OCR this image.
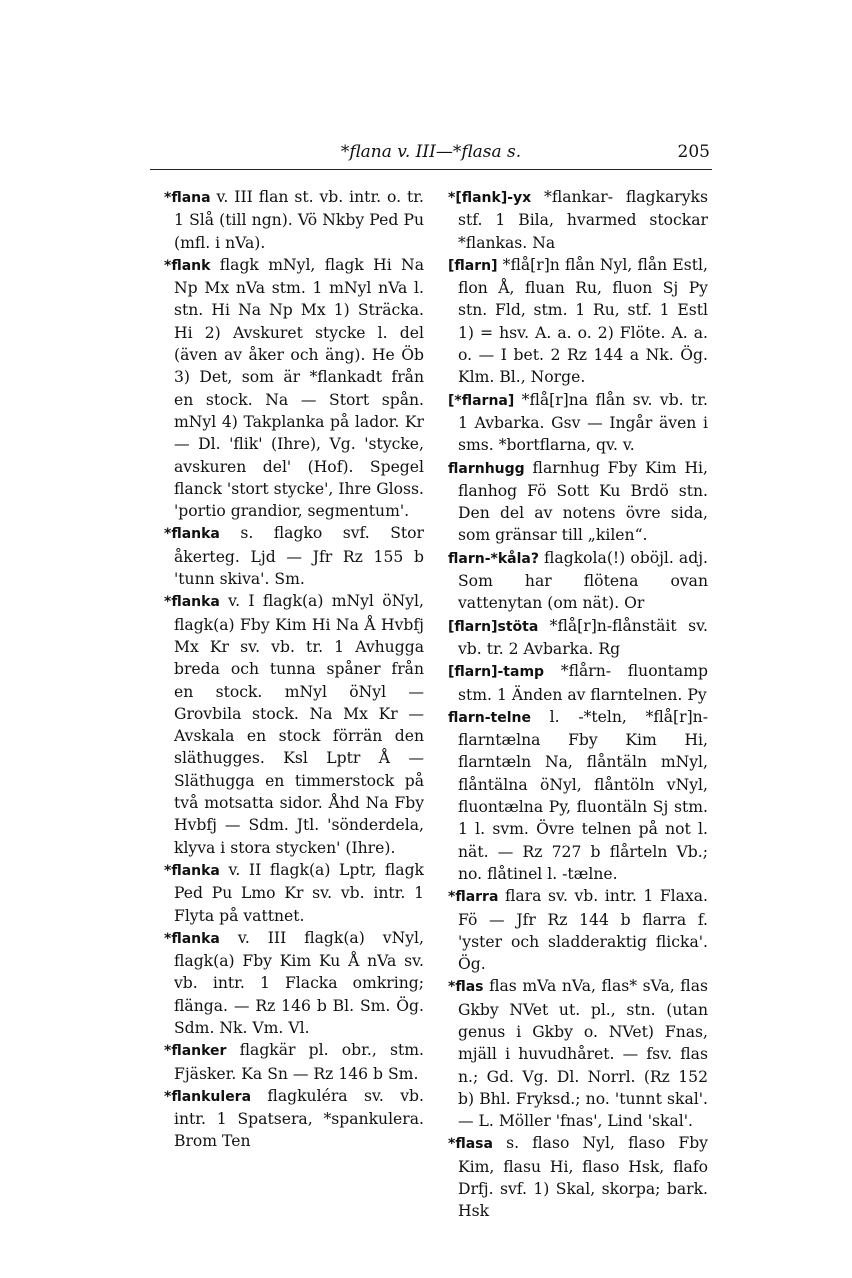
*flana v. III—*flasa s.	205

*flana v. III flan st. vb. intr. o. tr. 1 Slå (till ngn). Vö Nkby Ped Pu (mfl. i nVa).

*flank flagk mNyl, flagk Hi Na Np Mx nVa stm. 1 mNyl nVa l. stn. Hi Na Np Mx 1) Sträcka. Hi 2) Avskuret stycke l. del (även av åker och äng). He Öb 3) Det, som är *flankadt från en stock. Na — Stort spån. mNyl 4) Takplanka på lador. Kr — Dl. 'flik' (Ihre), Vg. 'stycke, avskuren del' (Hof). Spegel flanck 'stort stycke', Ihre Gloss. 'portio grandior, segmentum'.

*flanka s. flagko svf. Stor åkerteg. Ljd — Jfr Rz 155 b 'tunn skiva'. Sm.

*flanka v. I flagk(a) mNyl öNyl, flagk(a) Fby Kim Hi Na Å Hvbfj Mx Kr sv. vb. tr. 1 Avhugga breda och tunna spåner från en stock. mNyl öNyl — Grovbila stock. Na Mx Kr — Avskala en stock förrän den släthugges. Ksl Lptr Å — Släthugga en timmerstock på två motsatta sidor. Åhd Na Fby Hvbfj — Sdm. Jtl. 'sönderdela, klyva i stora stycken' (Ihre).

*flanka v. II flagk(a) Lptr, flagk Ped Pu Lmo Kr sv. vb. intr. 1 Flyta på vattnet.

*flanka v. III flagk(a) vNyl, flagk(a) Fby Kim Ku Å nVa sv. vb. intr. 1 Flacka omkring; flänga. — Rz 146 b Bl. Sm. Ög. Sdm. Nk. Vm. Vl.

*flanker flagkär pl. obr., stm. Fjäsker. Ka Sn — Rz 146 b Sm.

*flankulera flagkuléra sv. vb. intr. 1 Spatsera, *spankulera. Brom Ten

*[flank]-yx *flankar- flagkaryks stf. 1 Bila, hvarmed stockar *flankas. Na

[flarn] *flå[r]n flån Nyl, flån Estl, flon Å, fluan Ru, fluon Sj Py stn. Fld, stm. 1 Ru, stf. 1 Estl 1) = hsv. A. a. o. 2) Flöte. A. a. o. — I bet. 2 Rz 144 a Nk. Ög. Klm. Bl., Norge.

[*flarna] *flå[r]na flån sv. vb. tr. 1 Avbarka. Gsv — Ingår även i sms. *bortflarna, qv. v.

flarnhugg flarnhug Fby Kim Hi, flanhog Fö Sott Ku Brdö stn. Den del av notens övre sida, som gränsar till „kilen“.

flarn-*kåla? flagkola(!) oböjl. adj. Som har flötena ovan vattenytan (om nät). Or

[flarn]stöta *flå[r]n-flånstäit sv. vb. tr. 2 Avbarka. Rg

[flarn]-tamp *flårn- fluontamp stm. 1 Änden av flarntelnen. Py

flarn-telne l. -*teln, *flå[r]n-flarntælna Fby Kim Hi, flarntæln Na, flåntäln mNyl, flåntälna öNyl, flåntöln vNyl, fluontælna Py, fluontäln Sj stm. 1 l. svm. Övre telnen på not l. nät. — Rz 727 b flårteln Vb.; no. flåtinel l. -tælne.

*flarra flara sv. vb. intr. 1 Flaxa. Fö — Jfr Rz 144 b flarra f. 'yster och sladderaktig flicka'. Ög.

*flas flas mVa nVa, flas* sVa, flas Gkby NVet ut. pl., stn. (utan genus i Gkby o. NVet) Fnas, mjäll i huvudhåret. — fsv. flas n.; Gd. Vg. Dl. Norrl. (Rz 152 b) Bhl. Fryksd.; no. 'tunnt skal'. — L. Möller 'fnas', Lind 'skal'.

*flasa s. flaso Nyl, flaso Fby Kim, flasu Hi, flaso Hsk, flafo Drfj. svf. 1) Skal, skorpa; bark. Hsk
